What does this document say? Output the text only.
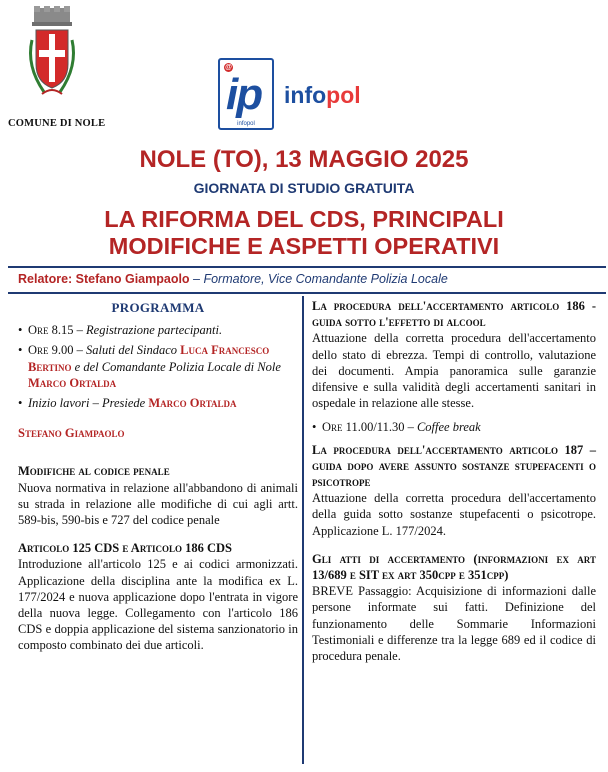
COMUNE DI NOLE
@
ip
infopol
infopol
NOLE (TO), 13 MAGGIO 2025
GIORNATA DI STUDIO GRATUITA
LA RIFORMA DEL CDS, PRINCIPALI
MODIFICHE E ASPETTI OPERATIVI
Relatore: Stefano Giampaolo – Formatore, Vice Comandante Polizia Locale
PROGRAMMA
• Ore 8.15 – Registrazione partecipanti.
• Ore 9.00 – Saluti del Sindaco Luca Francesco Bertino e del Comandante Polizia Locale di Nole Marco Ortalda
• Inizio lavori – Presiede Marco Ortalda
Stefano Giampaolo
Modifiche al codice penale
Nuova normativa in relazione all'abbandono di animali su strada in relazione alle modifiche di cui agli artt. 589-bis, 590-bis e 727 del codice penale
Articolo 125 CDS e Articolo 186 CDS
Introduzione all'articolo 125 e ai codici armonizzati. Applicazione della disciplina ante la modifica ex L. 177/2024 e nuova applicazione dopo l'entrata in vigore della nuova legge. Collegamento con l'articolo 186 CDS e doppia applicazione del sistema sanzionatorio in composto combinato dei due articoli.
La procedura dell'accertamento articolo 186 - guida sotto l'effetto di alcool
Attuazione della corretta procedura dell'accertamento dello stato di ebrezza. Tempi di controllo, valutazione dei documenti. Ampia panoramica sulle garanzie difensive e sulla validità degli accertamenti sanitari in ospedale in relazione alle stesse.
• Ore 11.00/11.30 – Coffee break
La procedura dell'accertamento articolo 187 – guida dopo avere assunto sostanze stupefacenti o psicotrope
Attuazione della corretta procedura dell'accertamento della guida sotto sostanze stupefacenti o psicotrope. Applicazione L. 177/2024.
Gli atti di accertamento (informazioni ex art 13/689 e SIT ex art 350cpp e 351cpp)
BREVE Passaggio: Acquisizione di informazioni dalle persone informate sui fatti. Definizione del funzionamento delle Sommarie Informazioni Testimoniali e differenze tra la legge 689 ed il codice di procedura penale.
